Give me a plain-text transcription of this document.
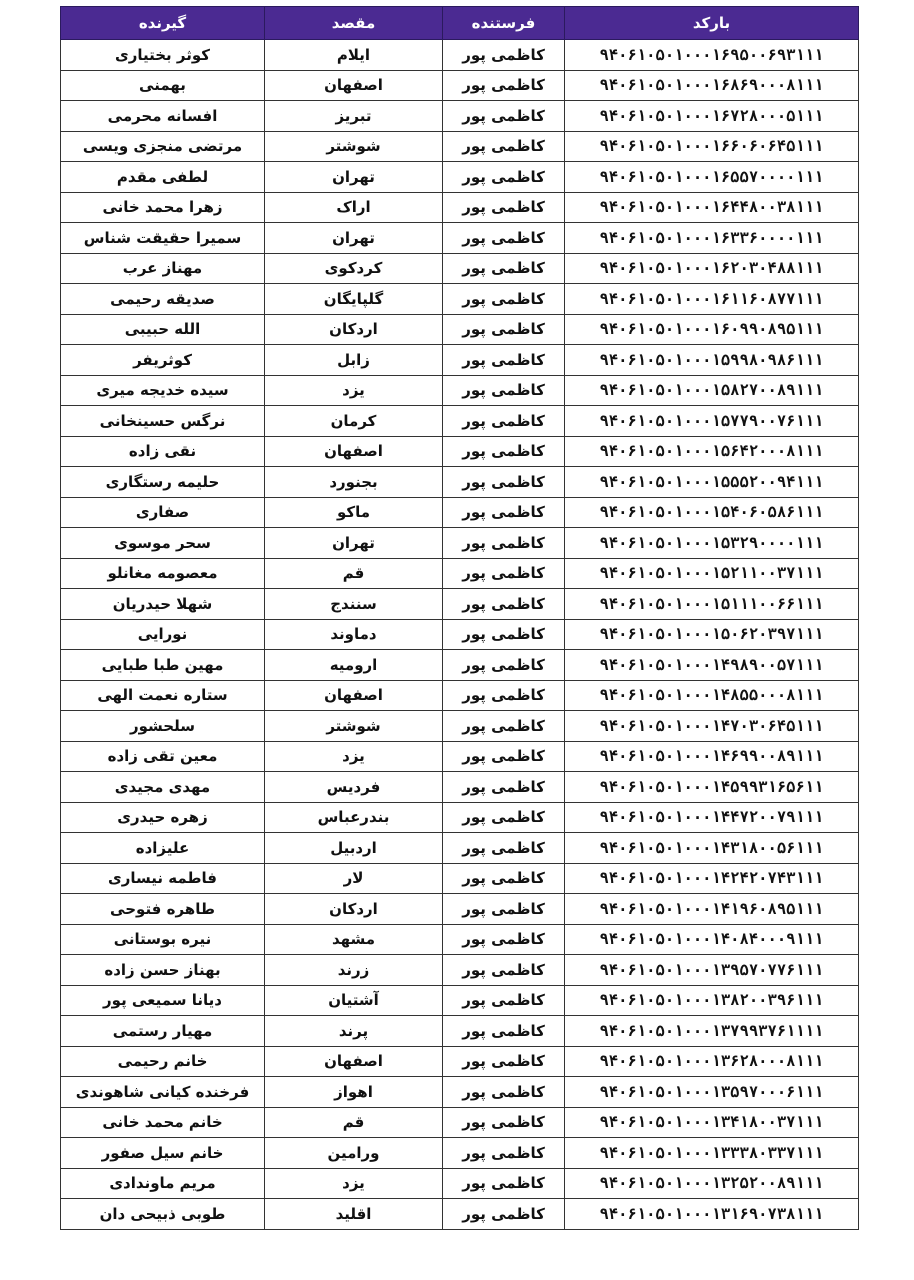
بارکد	فرستنده	مقصد	گیرنده
۹۴۰۶۱۰۵۰۱۰۰۰۱۶۹۵۰۰۶۹۳۱۱۱	کاظمی پور	ایلام	کوثر بختیاری
۹۴۰۶۱۰۵۰۱۰۰۰۱۶۸۶۹۰۰۰۸۱۱۱	کاظمی پور	اصفهان	بهمنی
۹۴۰۶۱۰۵۰۱۰۰۰۱۶۷۲۸۰۰۰۵۱۱۱	کاظمی پور	تبریز	افسانه محرمی
۹۴۰۶۱۰۵۰۱۰۰۰۱۶۶۰۶۰۶۴۵۱۱۱	کاظمی پور	شوشتر	مرتضی منجزی ویسی
۹۴۰۶۱۰۵۰۱۰۰۰۱۶۵۵۷۰۰۰۰۱۱۱	کاظمی پور	تهران	لطفی مقدم
۹۴۰۶۱۰۵۰۱۰۰۰۱۶۴۴۸۰۰۳۸۱۱۱	کاظمی پور	اراک	زهرا محمد خانی
۹۴۰۶۱۰۵۰۱۰۰۰۱۶۳۳۶۰۰۰۰۱۱۱	کاظمی پور	تهران	سمیرا حقیقت شناس
۹۴۰۶۱۰۵۰۱۰۰۰۱۶۲۰۳۰۴۸۸۱۱۱	کاظمی پور	کردکوی	مهناز عرب
۹۴۰۶۱۰۵۰۱۰۰۰۱۶۱۱۶۰۸۷۷۱۱۱	کاظمی پور	گلپایگان	صدیقه رحیمی
۹۴۰۶۱۰۵۰۱۰۰۰۱۶۰۹۹۰۸۹۵۱۱۱	کاظمی پور	اردکان	الله حبیبی
۹۴۰۶۱۰۵۰۱۰۰۰۱۵۹۹۸۰۹۸۶۱۱۱	کاظمی پور	زابل	کوثریفر
۹۴۰۶۱۰۵۰۱۰۰۰۱۵۸۲۷۰۰۸۹۱۱۱	کاظمی پور	یزد	سیده خدیجه میری
۹۴۰۶۱۰۵۰۱۰۰۰۱۵۷۷۹۰۰۷۶۱۱۱	کاظمی پور	کرمان	نرگس حسینخانی
۹۴۰۶۱۰۵۰۱۰۰۰۱۵۶۴۲۰۰۰۸۱۱۱	کاظمی پور	اصفهان	نقی زاده
۹۴۰۶۱۰۵۰۱۰۰۰۱۵۵۵۲۰۰۹۴۱۱۱	کاظمی پور	بجنورد	حلیمه رستگاری
۹۴۰۶۱۰۵۰۱۰۰۰۱۵۴۰۶۰۵۸۶۱۱۱	کاظمی پور	ماکو	صفاری
۹۴۰۶۱۰۵۰۱۰۰۰۱۵۳۲۹۰۰۰۰۱۱۱	کاظمی پور	تهران	سحر موسوی
۹۴۰۶۱۰۵۰۱۰۰۰۱۵۲۱۱۰۰۳۷۱۱۱	کاظمی پور	قم	معصومه مغانلو
۹۴۰۶۱۰۵۰۱۰۰۰۱۵۱۱۱۰۰۶۶۱۱۱	کاظمی پور	سنندج	شهلا حیدریان
۹۴۰۶۱۰۵۰۱۰۰۰۱۵۰۶۲۰۳۹۷۱۱۱	کاظمی پور	دماوند	نورایی
۹۴۰۶۱۰۵۰۱۰۰۰۱۴۹۸۹۰۰۵۷۱۱۱	کاظمی پور	ارومیه	مهین طبا طبایی
۹۴۰۶۱۰۵۰۱۰۰۰۱۴۸۵۵۰۰۰۸۱۱۱	کاظمی پور	اصفهان	ستاره نعمت الهی
۹۴۰۶۱۰۵۰۱۰۰۰۱۴۷۰۳۰۶۴۵۱۱۱	کاظمی پور	شوشتر	سلحشور
۹۴۰۶۱۰۵۰۱۰۰۰۱۴۶۹۹۰۰۸۹۱۱۱	کاظمی پور	یزد	معین تقی زاده
۹۴۰۶۱۰۵۰۱۰۰۰۱۴۵۹۹۳۱۶۵۶۱۱	کاظمی پور	فردیس	مهدی مجیدی
۹۴۰۶۱۰۵۰۱۰۰۰۱۴۴۷۲۰۰۷۹۱۱۱	کاظمی پور	بندرعباس	زهره حیدری
۹۴۰۶۱۰۵۰۱۰۰۰۱۴۳۱۸۰۰۵۶۱۱۱	کاظمی پور	اردبیل	علیزاده
۹۴۰۶۱۰۵۰۱۰۰۰۱۴۲۴۲۰۷۴۳۱۱۱	کاظمی پور	لار	فاطمه نیساری
۹۴۰۶۱۰۵۰۱۰۰۰۱۴۱۹۶۰۸۹۵۱۱۱	کاظمی پور	اردکان	طاهره فتوحی
۹۴۰۶۱۰۵۰۱۰۰۰۱۴۰۸۴۰۰۰۹۱۱۱	کاظمی پور	مشهد	نیره بوستانی
۹۴۰۶۱۰۵۰۱۰۰۰۱۳۹۵۷۰۷۷۶۱۱۱	کاظمی پور	زرند	بهناز حسن زاده
۹۴۰۶۱۰۵۰۱۰۰۰۱۳۸۲۰۰۳۹۶۱۱۱	کاظمی پور	آشتیان	دیانا سمیعی پور
۹۴۰۶۱۰۵۰۱۰۰۰۱۳۷۹۹۳۷۶۱۱۱۱	کاظمی پور	پرند	مهیار رستمی
۹۴۰۶۱۰۵۰۱۰۰۰۱۳۶۲۸۰۰۰۸۱۱۱	کاظمی پور	اصفهان	خانم رحیمی
۹۴۰۶۱۰۵۰۱۰۰۰۱۳۵۹۷۰۰۰۶۱۱۱	کاظمی پور	اهواز	فرخنده کیانی شاهوندی
۹۴۰۶۱۰۵۰۱۰۰۰۱۳۴۱۸۰۰۳۷۱۱۱	کاظمی پور	قم	خانم محمد خانی
۹۴۰۶۱۰۵۰۱۰۰۰۱۳۳۳۸۰۳۳۷۱۱۱	کاظمی پور	ورامین	خانم سیل صفور
۹۴۰۶۱۰۵۰۱۰۰۰۱۳۲۵۲۰۰۸۹۱۱۱	کاظمی پور	یزد	مریم ماوندادی
۹۴۰۶۱۰۵۰۱۰۰۰۱۳۱۶۹۰۷۳۸۱۱۱	کاظمی پور	اقلید	طوبی ذبیحی دان
